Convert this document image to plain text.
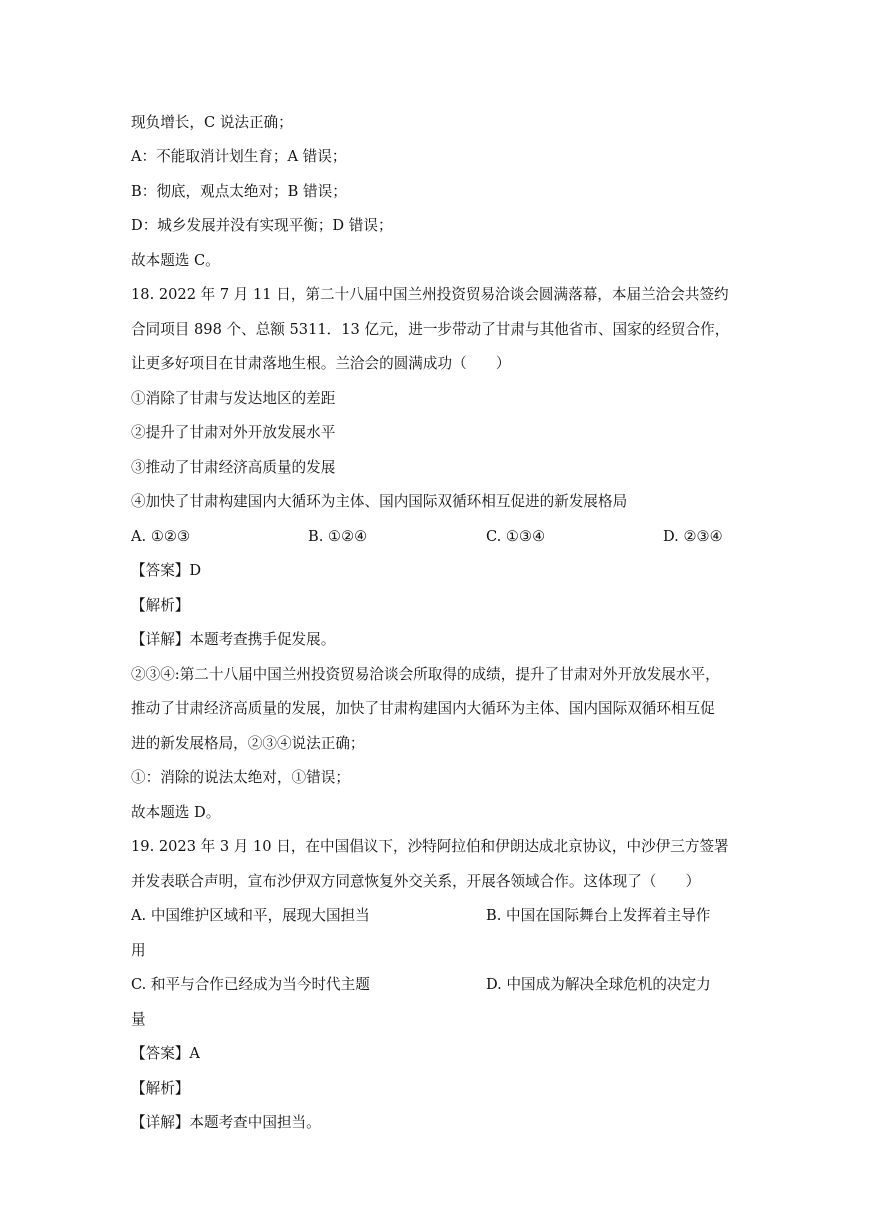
现负增长，C 说法正确；

A：不能取消计划生育；A 错误；

B：彻底，观点太绝对；B 错误；

D：城乡发展并没有实现平衡；D 错误；

故本题选 C。

18. 2022 年 7 月 11 日，第二十八届中国兰州投资贸易洽谈会圆满落幕，本届兰洽会共签约

合同项目 898 个、总额 5311．13 亿元，进一步带动了甘肃与其他省市、国家的经贸合作，

让更多好项目在甘肃落地生根。兰洽会的圆满成功（　　）

①消除了甘肃与发达地区的差距

②提升了甘肃对外开放发展水平

③推动了甘肃经济高质量的发展

④加快了甘肃构建国内大循环为主体、国内国际双循环相互促进的新发展格局

A. ①②③	B. ①②④	C. ①③④	D. ②③④

【答案】D

【解析】

【详解】本题考查携手促发展。

②③④:第二十八届中国兰州投资贸易洽谈会所取得的成绩，提升了甘肃对外开放发展水平，

推动了甘肃经济高质量的发展，加快了甘肃构建国内大循环为主体、国内国际双循环相互促

进的新发展格局，②③④说法正确；

①：消除的说法太绝对，①错误；

故本题选 D。

19. 2023 年 3 月 10 日，在中国倡议下，沙特阿拉伯和伊朗达成北京协议，中沙伊三方签署

并发表联合声明，宣布沙伊双方同意恢复外交关系，开展各领域合作。这体现了（　　）

A. 中国维护区域和平，展现大国担当	B. 中国在国际舞台上发挥着主导作

用

C. 和平与合作已经成为当今时代主题	D. 中国成为解决全球危机的决定力

量

【答案】A

【解析】

【详解】本题考查中国担当。
